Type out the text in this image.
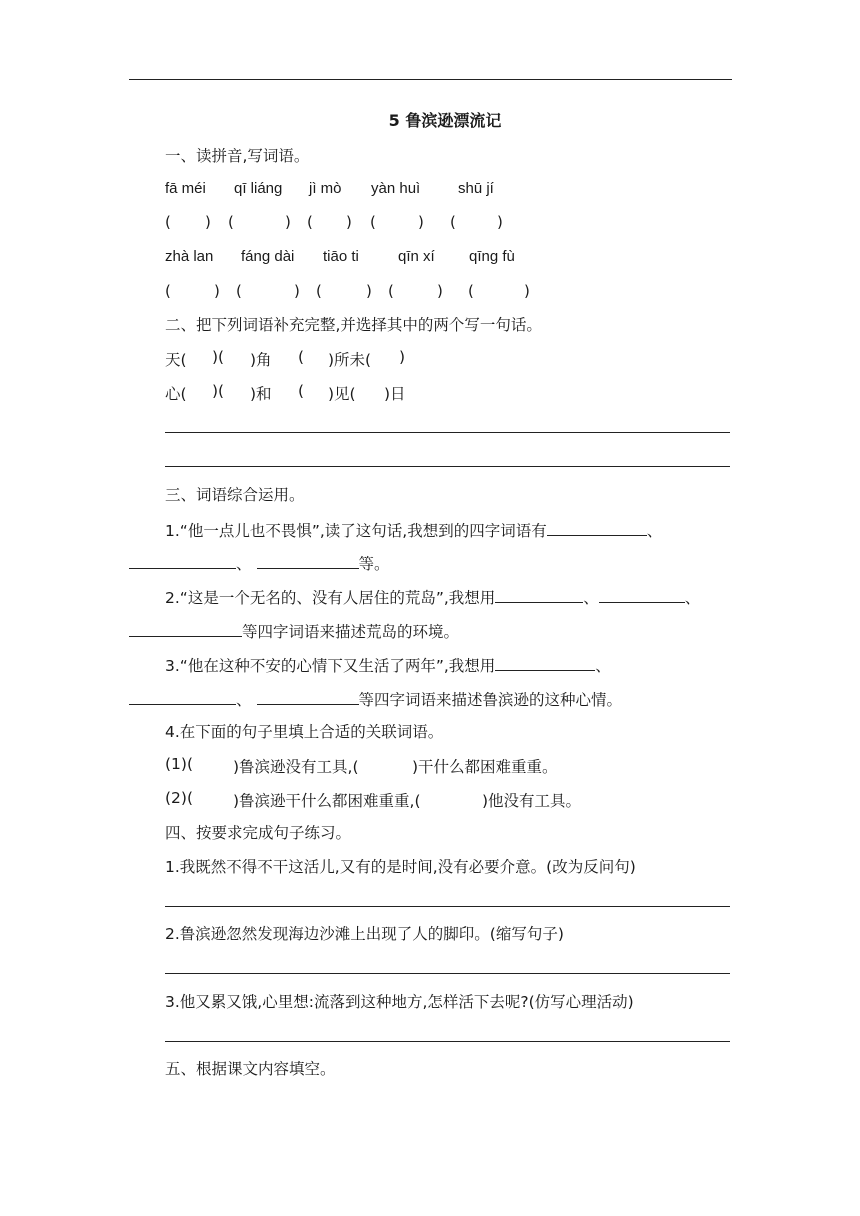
5 鲁滨逊漂流记
一、读拼音,写词语。
fā méi qī liáng jì mò yàn huì	shū jí
( ) (	) ( ) (	) (	)
zhà lan fáng dài tiāo ti	qīn xí qīng fù
(	) (	) (	) (	) (	)
二、把下列词语补充完整,并选择其中的两个写一句话。
天( )( )角 ( )所未( )
心( )( )和 ( )见( )日
三、词语综合运用。
1.“他一点儿也不畏惧”,读了这句话,我想到的四字词语有	、
、	等。
2.“这是一个无名的、没有人居住的荒岛”,我想用	、	、
等四字词语来描述荒岛的环境。
3.“他在这种不安的心情下又生活了两年”,我想用	、
、	等四字词语来描述鲁滨逊的这种心情。
4.在下面的句子里填上合适的关联词语。
(1)(	)鲁滨逊没有工具,(	)干什么都困难重重。
(2)(	)鲁滨逊干什么都困难重重,(	)他没有工具。
四、按要求完成句子练习。
1.我既然不得不干这活儿,又有的是时间,没有必要介意。(改为反问句)
2.鲁滨逊忽然发现海边沙滩上出现了人的脚印。(缩写句子)
3.他又累又饿,心里想:流落到这种地方,怎样活下去呢?(仿写心理活动)
五、根据课文内容填空。
